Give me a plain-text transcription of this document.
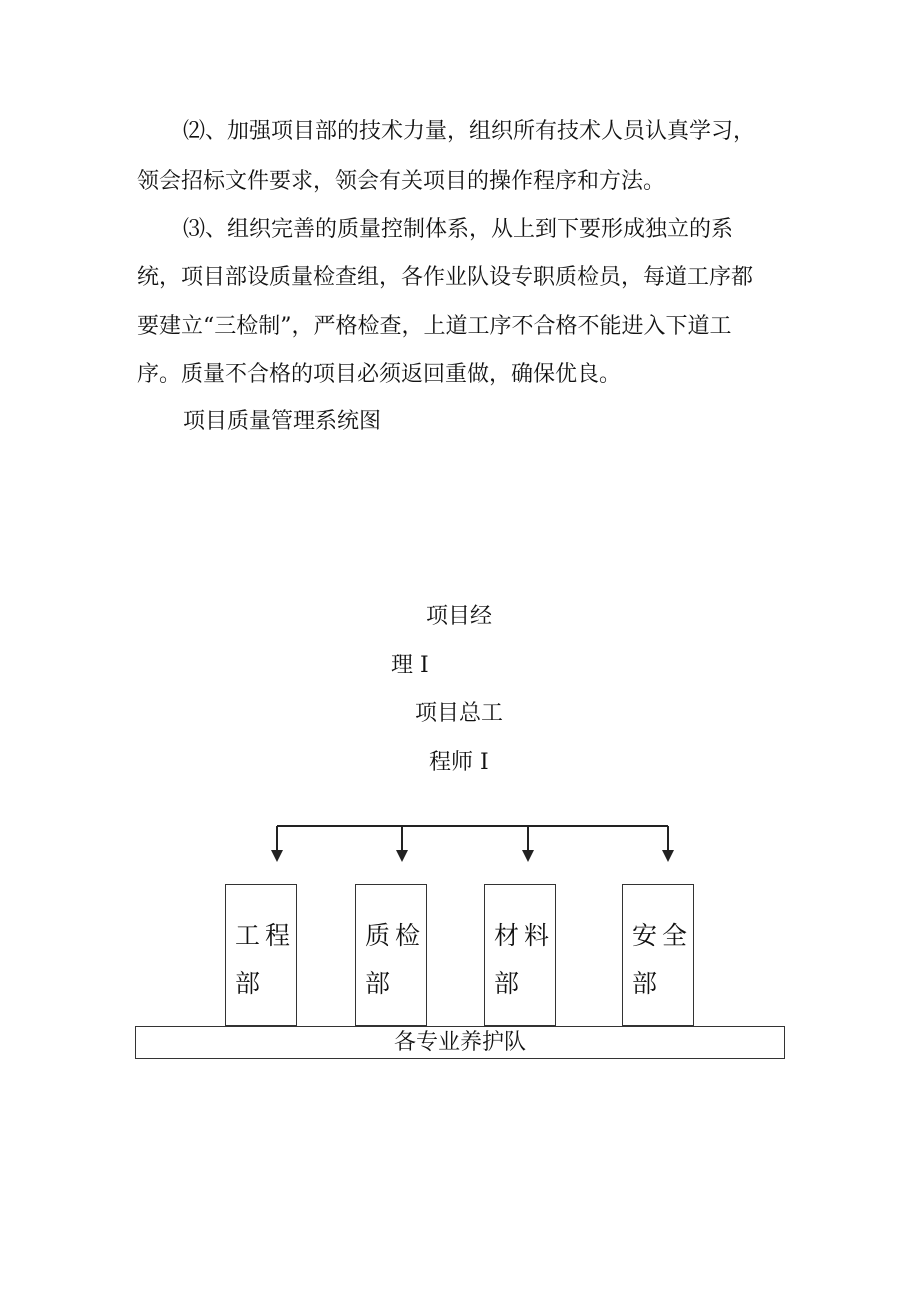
⑵、加强项目部的技术力量，组织所有技术人员认真学习，

领会招标文件要求，领会有关项目的操作程序和方法。

⑶、组织完善的质量控制体系，从上到下要形成独立的系

统，项目部设质量检查组，各作业队设专职质检员，每道工序都

要建立“三检制”，严格检查，上道工序不合格不能进入下道工

序。质量不合格的项目必须返回重做，确保优良。

项目质量管理系统图

项目经

理 I

项目总工

程师 I

工程
部
质检
部
材料
部
安全
部
各专业养护队
